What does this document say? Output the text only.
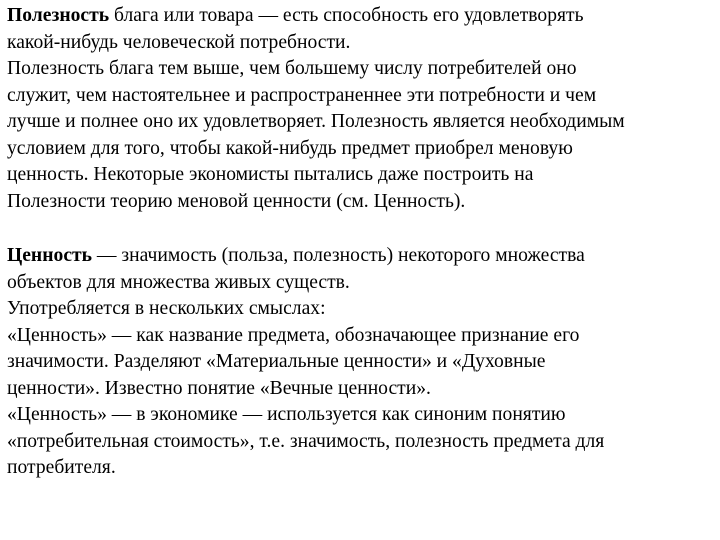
Полезность блага или товара — есть способность его удовлетворять
какой-нибудь человеческой потребности.
Полезность блага тем выше, чем большему числу потребителей оно
служит, чем настоятельнее и распространеннее эти потребности и чем
лучше и полнее оно их удовлетворяет. Полезность является необходимым
условием для того, чтобы какой-нибудь предмет приобрел меновую
ценность. Некоторые экономисты пытались даже построить на
Полезности теорию меновой ценности (см. Ценность).
Ценность — значимость (польза, полезность) некоторого множества
объектов для множества живых существ.
Употребляется в нескольких смыслах:
«Ценность» — как название предмета, обозначающее признание его
значимости. Разделяют «Материальные ценности» и «Духовные
ценности». Известно понятие «Вечные ценности».
«Ценность» — в экономике — используется как синоним понятию
«потребительная стоимость», т.е. значимость, полезность предмета для
потребителя.
